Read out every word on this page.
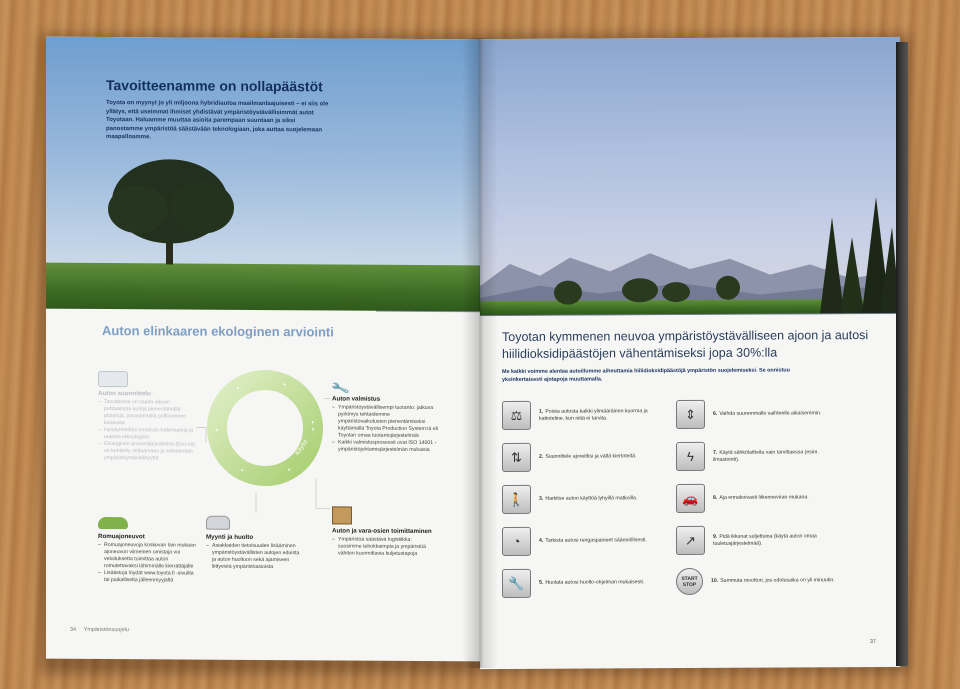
Tavoitteenamme on nollapäästöt

Toyota on myynyt jo yli miljoona hybridiautoa maailmanlaajuisesti – ei siis ole yllätys, että useimmat ihmiset yhdistävät ympäristöystävällisimmät autot Toyotaan. Haluamme muuttaa asioita parempaan suuntaan ja siksi panostamme ympäristöä säästävään teknologiaan, joka auttaa suojelemaan maapalloamme.

Auton elinkaaren ekologinen arviointi
Käyttö
Auton suunnittelu
– Tavoitteena on saada aikaan puhtaampia autoja pienentämällä päästöjä, parantamalla polttoaineen kulutusta
– Hyödynnetään kestäviä materiaaleja ja uusinta teknologiaa
– Ekologinen arviointijärjestelmä (Eco-va) on kehitetty mittaamaan ja edistämään ympäristöystävällisyyttä
🔧
Auton valmistus
– Ympäristöystävällisempi tuotanto: jatkuva pyrkimys tehtaidemme ympäristövaikutusten pienentämiseksi käyttämällä Toyota Production System:iä eli Toyotan omaa tuotantojärjestelmää
– Kaikki valmistusprosessit ovat ISO 14001 -ympäristöjohtamisjärjestelmän mukaisia
Romuajoneuvot
– Romuajoneuvoja koskevan lain mukaan ajoneuvon viimeinen omistaja voi veloituksetta toimittaa auton romutettavaksi lähimmälle kierrättäjälle
– Lisätietoja löydät www.toyota.fi -sivuilta tai paikalliselta jälleenmyyjältä
Myynti ja huolto
– Asiakkaiden tietoisuuden lisääminen ympäristöystävällisten autojen eduista ja auton huoltoon sekä ajamiseen liittyvistä ympäristöasioista
Auton ja vara-osien toimittaminen
– Ympäristöä säästävä logistiikka: suosimme tehokkaimpia ja ympäristöä vähiten kuormittavia kuljetustapoja
34 Ympäristönsuojelu
Toyotan kymmenen neuvoa ympäristöystävälliseen ajoon ja autosi hiilidioksidipäästöjen vähentämiseksi jopa 30%:lla

Me kaikki voimme alentaa autoillumme aiheuttamia hiilidioksidipäästöjä ympäristön suojelemiseksi. Se onnistuu yksinkertaisesti ajotapoja muuttamalla.

⚖	1. Poista autosta kaikki ylimääräinen kuorma ja kattoteline, kun niitä ei tarvita.
⇅	2. Suunnittele ajoreittisi ja vältä kiertoteitä.
🚶	3. Harkitse auton käyttöä lyhyillä matkoilla.
◔	4. Tarkista autosi rengaspaineet säännöllisesti.
🔧	5. Huolata autosi huolto-ohjelman mukaisesti.
⇕	6. Vaihda suuremmalle vaihteelle aikaisemmin.
ϟ	7. Käytä sähkölaitteita vain tarvittaessa (esim. ilmastointi).
🚗	8. Aja ennakoivasti liikenneviran mukana.
↗	9. Pidä ikkunat suljettuina (käytä auton omaa tuuletusjärjestelmää).
START STOP
10. Sammuta moottori, jos odotusaika on yli minuutin.
37
